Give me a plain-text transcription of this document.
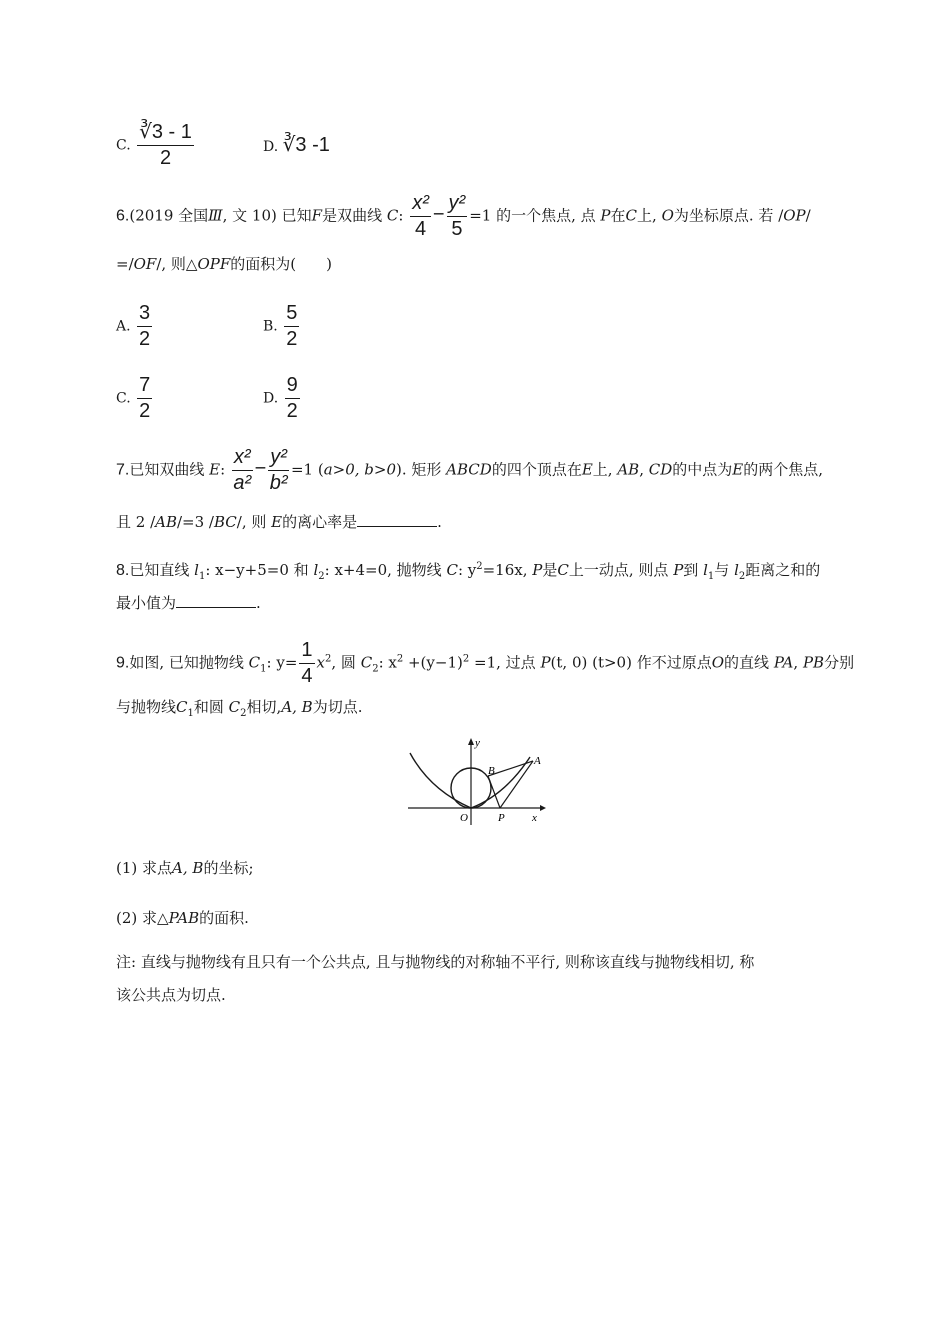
C. $\frac{∛3 - 1}{2}$	D. ∛3 -1
6.(2019 全国Ⅲ, 文 10) 已知F是双曲线 C: $\frac{\text{x²}}{4} - \frac{\text{y²}}{5} =1$ 的一个焦点, 点 P在C上, O为坐标原点. 若 /OP/
=/OF/, 则△OPF的面积为(　　)
A. $\frac{3}{2}$	B. $\frac{5}{2}$
C. $\frac{7}{2}$	D. $\frac{9}{2}$
7.已知双曲线 E: $\frac{\text{x²}}{\text{a²}} - \frac{\text{y²}}{\text{b²}} =1$ (a>0, b>0). 矩形 ABCD的四个顶点在E上, AB, CD的中点为E的两个焦点,
且 2 /AB/=3 /BC/, 则 E的离心率是	.
8.已知直线 $l_1$: x−y+5=0 和 $l_2$: x+4=0, 抛物线 C: $y^2=16x$, P是C上一动点, 则点 P到 $l_1$与 $l_2$距离之和的
最小值为	.
9.如图, 已知抛物线 $C_1$: $y= \frac{1}{4} x^2$, 圆 $C_2$: $x^2 +(y-1)^2 =1$, 过点 P(t, 0) (t>0) 作不过原点O的直线 PA, PB分别
与抛物线$C_1$和圆 $C_2$相切,A, B为切点.
y
x
O	P
A
B
(1) 求点A, B的坐标;
(2) 求△PAB的面积.
注: 直线与抛物线有且只有一个公共点, 且与抛物线的对称轴不平行, 则称该直线与抛物线相切, 称
该公共点为切点.
